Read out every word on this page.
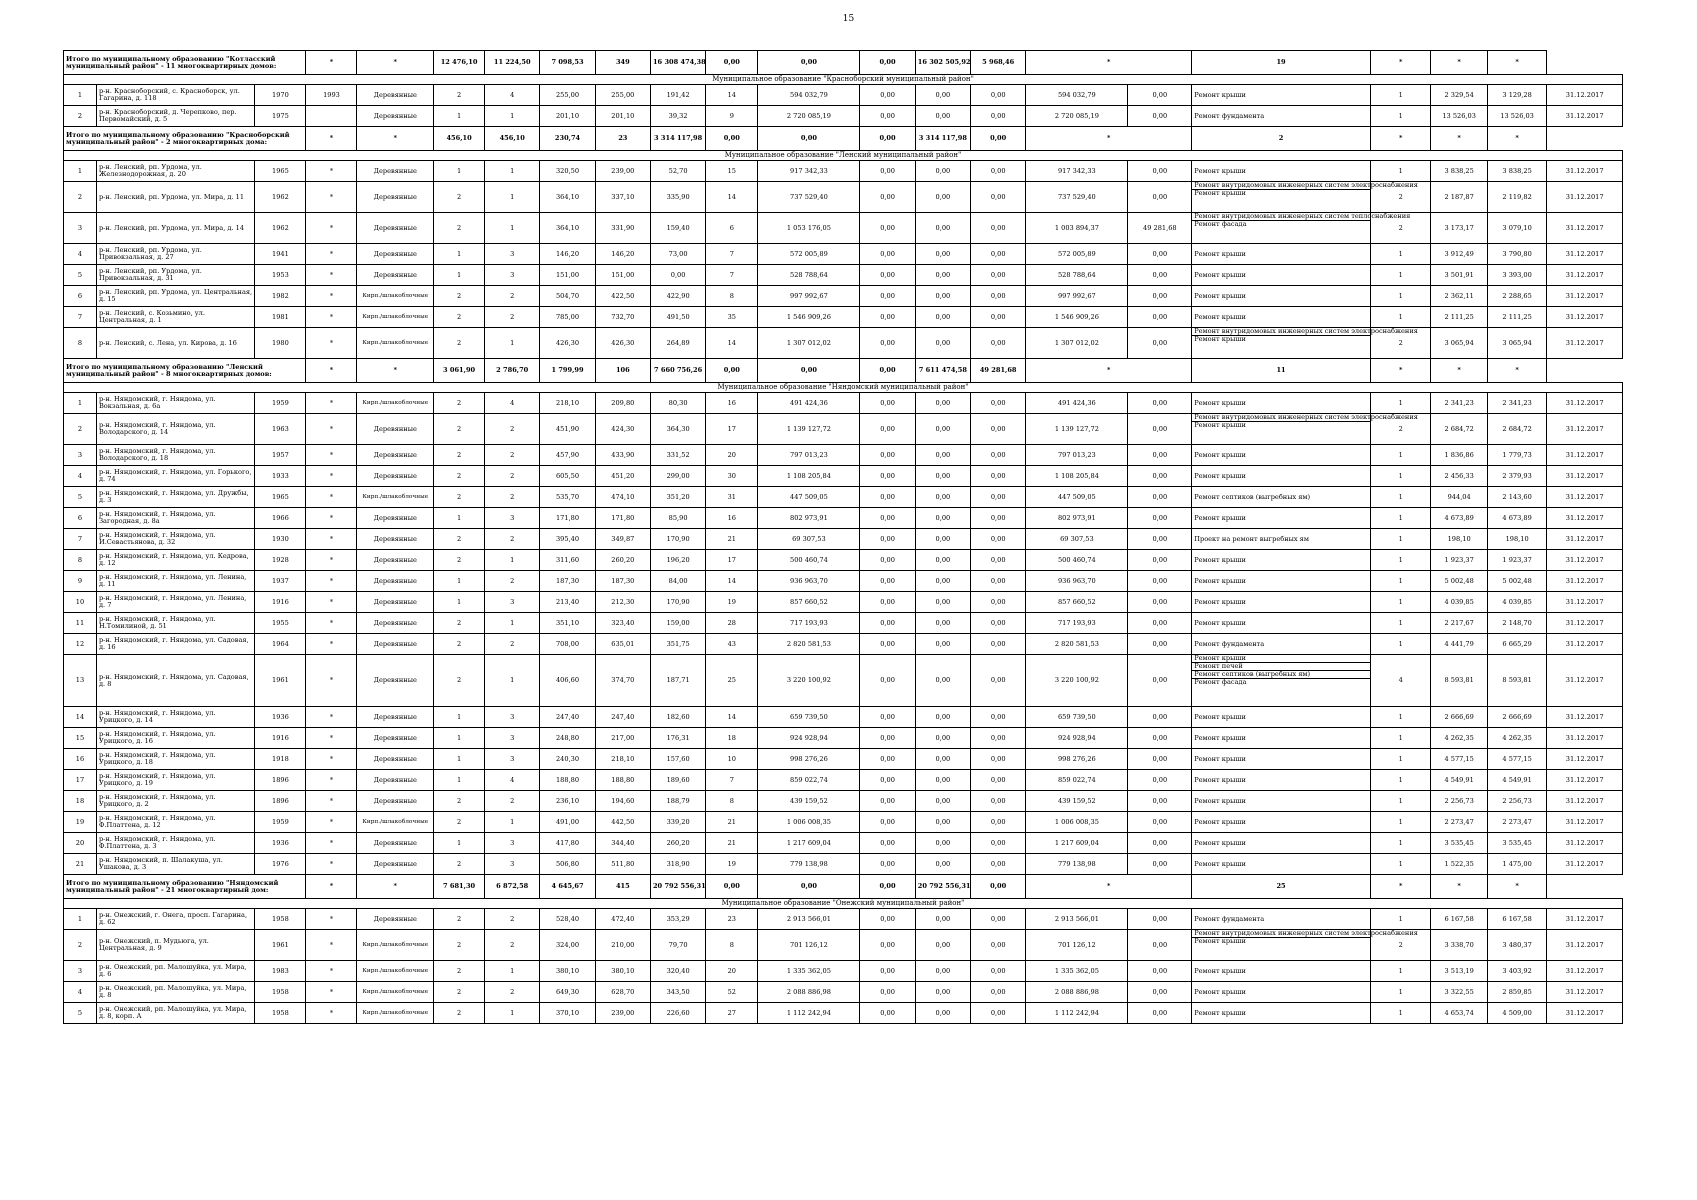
15
Итого по муниципальному образованию "Котласский муниципальный район" - 11 многоквартирных домов:			*	*	12 476,10	11 224,50	7 098,53	349	16 308 474,38	0,00	0,00	0,00	16 302 505,92	5 968,46	*		19	*	*	*	
Муниципальное образование "Красноборский муниципальный район"																					
1	р-н. Красноборский, с. Красноборск, ул. Гагарина, д. 118	1970	1993	Деревянные	2	4	255,00	255,00	191,42	14	594 032,79	0,00	0,00	0,00	594 032,79	0,00	Ремонт крыши	1	2 329,54	3 129,28	31.12.2017
2	р-н. Красноборский, д. Черепково, пер. Первомайский, д. 5	1975		Деревянные	1	1	201,10	201,10	39,32	9	2 720 085,19	0,00	0,00	0,00	2 720 085,19	0,00	Ремонт фундамента	1	13 526,03	13 526,03	31.12.2017
Итого по муниципальному образованию "Красноборский муниципальный район" - 2 многоквартирных дома:			*	*	456,10	456,10	230,74	23	3 314 117,98	0,00	0,00	0,00	3 314 117,98	0,00	*		2	*	*	*	
Муниципальное образование "Ленский муниципальный район"																					
1	р-н. Ленский, рп. Урдома, ул. Железнодорожная, д. 20	1965	*	Деревянные	1	1	320,50	239,00	52,70	15	917 342,33	0,00	0,00	0,00	917 342,33	0,00	Ремонт крыши	1	3 838,25	3 838,25	31.12.2017
2	р-н. Ленский, рп. Урдома, ул. Мира, д. 11	1962	*	Деревянные	2	1	364,10	337,10	335,90	14	737 529,40	0,00	0,00	0,00	737 529,40	0,00	Ремонт внутридомовых инженерных систем электроснабжения
Ремонт крыши	2	2 187,87	2 119,82	31.12.2017
3	р-н. Ленский, рп. Урдома, ул. Мира, д. 14	1962	*	Деревянные	2	1	364,10	331,90	159,40	6	1 053 176,05	0,00	0,00	0,00	1 003 894,37	49 281,68	Ремонт внутридомовых инженерных систем теплоснабжения
Ремонт фасада	2	3 173,17	3 079,10	31.12.2017
4	р-н. Ленский, рп. Урдома, ул. Привокзальная, д. 27	1941	*	Деревянные	1	3	146,20	146,20	73,00	7	572 005,89	0,00	0,00	0,00	572 005,89	0,00	Ремонт крыши	1	3 912,49	3 790,80	31.12.2017
5	р-н. Ленский, рп. Урдома, ул. Привокзальная, д. 31	1953	*	Деревянные	1	3	151,00	151,00	0,00	7	528 788,64	0,00	0,00	0,00	528 788,64	0,00	Ремонт крыши	1	3 501,91	3 393,00	31.12.2017
6	р-н. Ленский, рп. Урдома, ул. Центральная, д. 15	1982	*	Кирп./шлакоблочные	2	2	504,70	422,50	422,90	8	997 992,67	0,00	0,00	0,00	997 992,67	0,00	Ремонт крыши	1	2 362,11	2 288,65	31.12.2017
7	р-н. Ленский, с. Козьмино, ул. Центральная, д. 1	1981	*	Кирп./шлакоблочные	2	2	785,00	732,70	491,50	35	1 546 909,26	0,00	0,00	0,00	1 546 909,26	0,00	Ремонт крыши	1	2 111,25	2 111,25	31.12.2017
8	р-н. Ленский, с. Лена, ул. Кирова, д. 16	1980	*	Кирп./шлакоблочные	2	1	426,30	426,30	264,89	14	1 307 012,02	0,00	0,00	0,00	1 307 012,02	0,00	Ремонт внутридомовых инженерных систем электроснабжения
Ремонт крыши	2	3 065,94	3 065,94	31.12.2017
Итого по муниципальному образованию "Ленский муниципальный район" - 8 многоквартирных домов:			*	*	3 061,90	2 786,70	1 799,99	106	7 660 756,26	0,00	0,00	0,00	7 611 474,58	49 281,68	*		11	*	*	*	
Муниципальное образование "Няндомский муниципальный район"																					
1	р-н. Няндомский, г. Няндома, ул. Вокзальная, д. 6а	1959	*	Кирп./шлакоблочные	2	4	218,10	209,80	80,30	16	491 424,36	0,00	0,00	0,00	491 424,36	0,00	Ремонт крыши	1	2 341,23	2 341,23	31.12.2017
2	р-н. Няндомский, г. Няндома, ул. Володарского, д. 14	1963	*	Деревянные	2	2	451,90	424,30	364,30	17	1 139 127,72	0,00	0,00	0,00	1 139 127,72	0,00	Ремонт внутридомовых инженерных систем электроснабжения
Ремонт крыши	2	2 684,72	2 684,72	31.12.2017
3	р-н. Няндомский, г. Няндома, ул. Володарского, д. 18	1957	*	Деревянные	2	2	457,90	433,90	331,52	20	797 013,23	0,00	0,00	0,00	797 013,23	0,00	Ремонт крыши	1	1 836,86	1 779,73	31.12.2017
4	р-н. Няндомский, г. Няндома, ул. Горького, д. 74	1933	*	Деревянные	2	2	605,50	451,20	299,00	30	1 108 205,84	0,00	0,00	0,00	1 108 205,84	0,00	Ремонт крыши	1	2 456,33	2 379,93	31.12.2017
5	р-н. Няндомский, г. Няндома, ул. Дружбы, д. 3	1965	*	Кирп./шлакоблочные	2	2	535,70	474,10	351,20	31	447 509,05	0,00	0,00	0,00	447 509,05	0,00	Ремонт септиков (выгребных ям)	1	944,04	2 143,60	31.12.2017
6	р-н. Няндомский, г. Няндома, ул. Загородная, д. 8а	1966	*	Деревянные	1	3	171,80	171,80	85,90	16	802 973,91	0,00	0,00	0,00	802 973,91	0,00	Ремонт крыши	1	4 673,89	4 673,89	31.12.2017
7	р-н. Няндомский, г. Няндома, ул. И.Севастьянова, д. 32	1930	*	Деревянные	2	2	395,40	349,87	170,90	21	69 307,53	0,00	0,00	0,00	69 307,53	0,00	Проект на ремонт выгребных ям	1	198,10	198,10	31.12.2017
8	р-н. Няндомский, г. Няндома, ул. Кедрова, д. 12	1928	*	Деревянные	2	1	311,60	260,20	196,20	17	500 460,74	0,00	0,00	0,00	500 460,74	0,00	Ремонт крыши	1	1 923,37	1 923,37	31.12.2017
9	р-н. Няндомский, г. Няндома, ул. Ленина, д. 11	1937	*	Деревянные	1	2	187,30	187,30	84,00	14	936 963,70	0,00	0,00	0,00	936 963,70	0,00	Ремонт крыши	1	5 002,48	5 002,48	31.12.2017
10	р-н. Няндомский, г. Няндома, ул. Ленина, д. 7	1916	*	Деревянные	1	3	213,40	212,30	170,90	19	857 660,52	0,00	0,00	0,00	857 660,52	0,00	Ремонт крыши	1	4 039,85	4 039,85	31.12.2017
11	р-н. Няндомский, г. Няндома, ул. Н.Томилиной, д. 51	1955	*	Деревянные	2	1	351,10	323,40	159,00	28	717 193,93	0,00	0,00	0,00	717 193,93	0,00	Ремонт крыши	1	2 217,67	2 148,70	31.12.2017
12	р-н. Няндомский, г. Няндома, ул. Садовая, д. 16	1964	*	Деревянные	2	2	708,00	635,01	351,75	43	2 820 581,53	0,00	0,00	0,00	2 820 581,53	0,00	Ремонт фундамента	1	4 441,79	6 665,29	31.12.2017
13	р-н. Няндомский, г. Няндома, ул. Садовая, д. 8	1961	*	Деревянные	2	1	406,60	374,70	187,71	25	3 220 100,92	0,00	0,00	0,00	3 220 100,92	0,00	Ремонт крыши
Ремонт печей
Ремонт септиков (выгребных ям)
Ремонт фасада	4	8 593,81	8 593,81	31.12.2017
14	р-н. Няндомский, г. Няндома, ул. Урицкого, д. 14	1936	*	Деревянные	1	3	247,40	247,40	182,60	14	659 739,50	0,00	0,00	0,00	659 739,50	0,00	Ремонт крыши	1	2 666,69	2 666,69	31.12.2017
15	р-н. Няндомский, г. Няндома, ул. Урицкого, д. 16	1916	*	Деревянные	1	3	248,80	217,00	176,31	18	924 928,94	0,00	0,00	0,00	924 928,94	0,00	Ремонт крыши	1	4 262,35	4 262,35	31.12.2017
16	р-н. Няндомский, г. Няндома, ул. Урицкого, д. 18	1918	*	Деревянные	1	3	240,30	218,10	157,60	10	998 276,26	0,00	0,00	0,00	998 276,26	0,00	Ремонт крыши	1	4 577,15	4 577,15	31.12.2017
17	р-н. Няндомский, г. Няндома, ул. Урицкого, д. 19	1896	*	Деревянные	1	4	188,80	188,80	189,60	7	859 022,74	0,00	0,00	0,00	859 022,74	0,00	Ремонт крыши	1	4 549,91	4 549,91	31.12.2017
18	р-н. Няндомский, г. Няндома, ул. Урицкого, д. 2	1896	*	Деревянные	2	2	236,10	194,60	188,79	8	439 159,52	0,00	0,00	0,00	439 159,52	0,00	Ремонт крыши	1	2 256,73	2 256,73	31.12.2017
19	р-н. Няндомский, г. Няндома, ул. Ф.Платтена, д. 12	1959	*	Кирп./шлакоблочные	2	1	491,00	442,50	339,20	21	1 006 008,35	0,00	0,00	0,00	1 006 008,35	0,00	Ремонт крыши	1	2 273,47	2 273,47	31.12.2017
20	р-н. Няндомский, г. Няндома, ул. Ф.Платтена, д. 3	1936	*	Деревянные	1	3	417,80	344,40	260,20	21	1 217 609,04	0,00	0,00	0,00	1 217 609,04	0,00	Ремонт крыши	1	3 535,45	3 535,45	31.12.2017
21	р-н. Няндомский, п. Шалакуша, ул. Ушакова, д. 3	1976	*	Деревянные	2	3	506,80	511,80	318,90	19	779 138,98	0,00	0,00	0,00	779 138,98	0,00	Ремонт крыши	1	1 522,35	1 475,00	31.12.2017
Итого по муниципальному образованию "Няндомский муниципальный район" - 21 многоквартирный дом:			*	*	7 681,30	6 872,58	4 645,67	415	20 792 556,31	0,00	0,00	0,00	20 792 556,31	0,00	*		25	*	*	*	
Муниципальное образование "Онежский муниципальный район"																					
1	р-н. Онежский, г. Онега, просп. Гагарина, д. 62	1958	*	Деревянные	2	2	528,40	472,40	353,29	23	2 913 566,01	0,00	0,00	0,00	2 913 566,01	0,00	Ремонт фундамента	1	6 167,58	6 167,58	31.12.2017
2	р-н. Онежский, п. Мудьюга, ул. Центральная, д. 9	1961	*	Кирп./шлакоблочные	2	2	324,00	210,00	79,70	8	701 126,12	0,00	0,00	0,00	701 126,12	0,00	Ремонт внутридомовых инженерных систем электроснабжения
Ремонт крыши	2	3 338,70	3 480,37	31.12.2017
3	р-н. Онежский, рп. Малошуйка, ул. Мира, д. 6	1983	*	Кирп./шлакоблочные	2	1	380,10	380,10	320,40	20	1 335 362,05	0,00	0,00	0,00	1 335 362,05	0,00	Ремонт крыши	1	3 513,19	3 403,92	31.12.2017
4	р-н. Онежский, рп. Малошуйка, ул. Мира, д. 8	1958	*	Кирп./шлакоблочные	2	2	649,30	628,70	343,50	52	2 088 886,98	0,00	0,00	0,00	2 088 886,98	0,00	Ремонт крыши	1	3 322,55	2 859,85	31.12.2017
5	р-н. Онежский, рп. Малошуйка, ул. Мира, д. 8, корп. А	1958	*	Кирп./шлакоблочные	2	1	370,10	239,00	226,60	27	1 112 242,94	0,00	0,00	0,00	1 112 242,94	0,00	Ремонт крыши	1	4 653,74	4 509,00	31.12.2017
